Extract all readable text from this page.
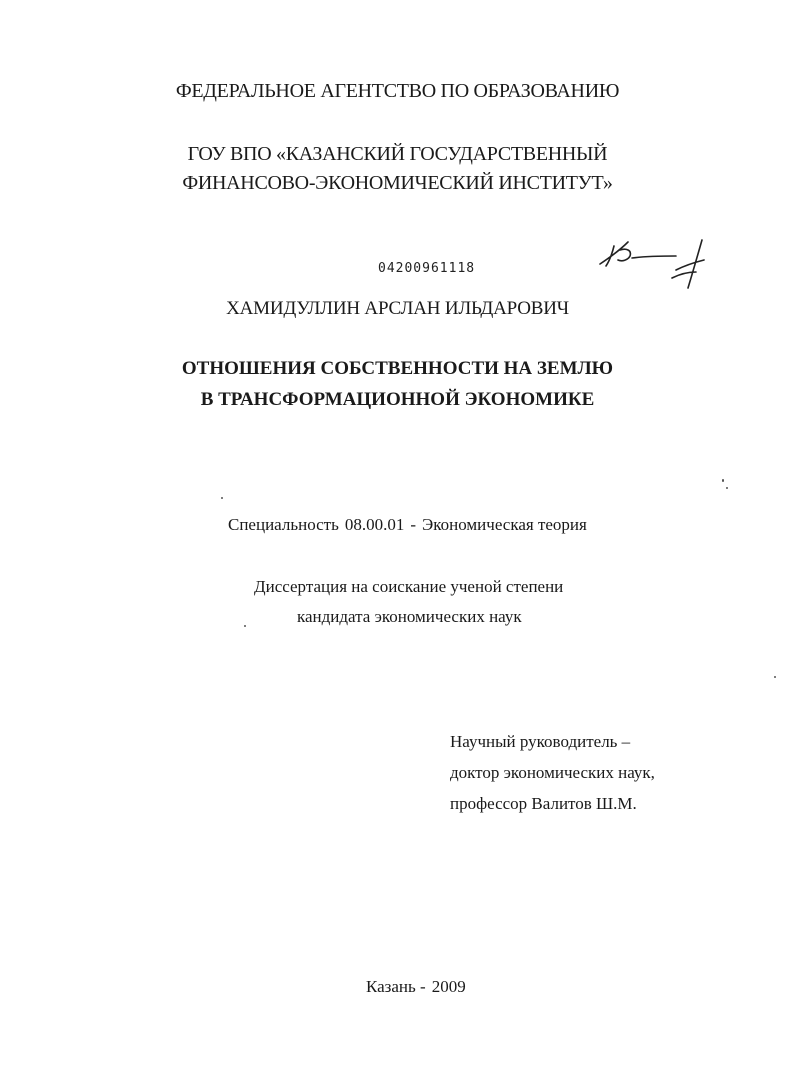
ФЕДЕРАЛЬНОЕ АГЕНТСТВО ПО ОБРАЗОВАНИЮ
ГОУ ВПО «КАЗАНСКИЙ ГОСУДАРСТВЕННЫЙ
ФИНАНСОВО-ЭКОНОМИЧЕСКИЙ ИНСТИТУТ»
04200961118
ХАМИДУЛЛИН АРСЛАН ИЛЬДАРОВИЧ
ОТНОШЕНИЯ СОБСТВЕННОСТИ НА ЗЕМЛЮ
В ТРАНСФОРМАЦИОННОЙ ЭКОНОМИКЕ
Специальность 08.00.01 - Экономическая теория
Диссертация на соискание ученой степени
кандидата экономических наук
Научный руководитель –
доктор экономических наук,
профессор Валитов Ш.М.
Казань - 2009
